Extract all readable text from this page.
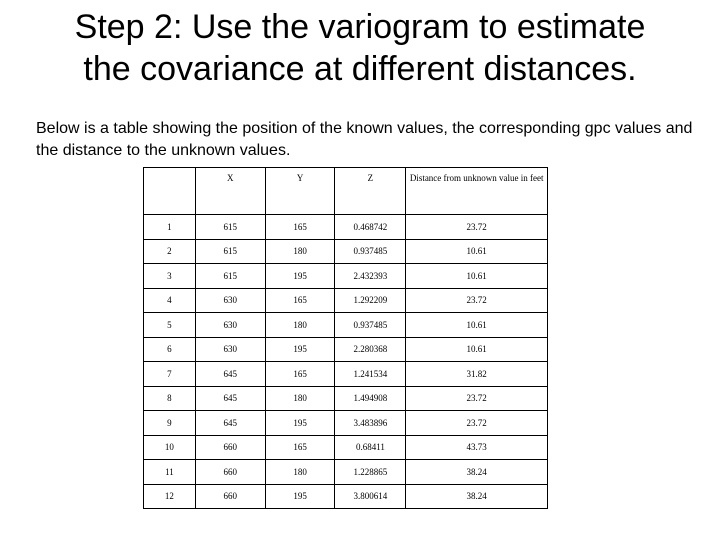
Step 2: Use the variogram to estimate
the covariance at different distances.
Below is a table showing the position of the known values, the corresponding gpc values and the distance to the unknown values.
	X	Y	Z	Distance from unknown value in feet
1	615	165	0.468742	23.72
2	615	180	0.937485	10.61
3	615	195	2.432393	10.61
4	630	165	1.292209	23.72
5	630	180	0.937485	10.61
6	630	195	2.280368	10.61
7	645	165	1.241534	31.82
8	645	180	1.494908	23.72
9	645	195	3.483896	23.72
10	660	165	0.68411	43.73
11	660	180	1.228865	38.24
12	660	195	3.800614	38.24
